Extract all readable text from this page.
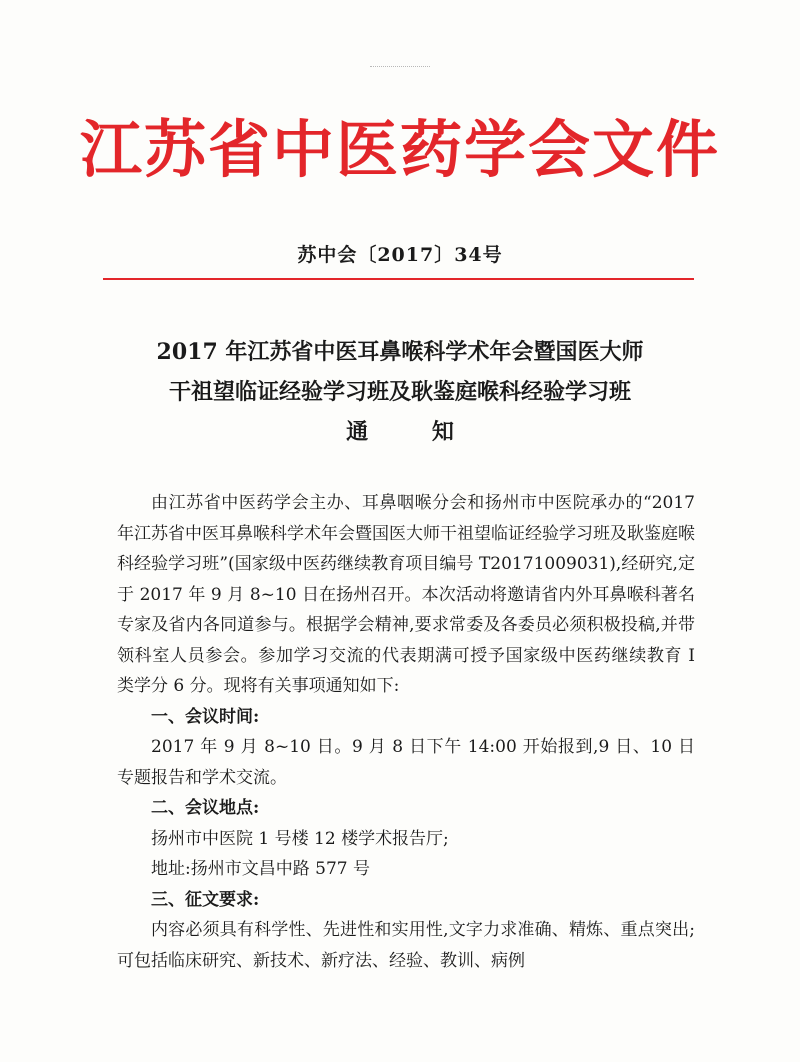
江苏省中医药学会文件
苏中会〔2017〕34号
2017 年江苏省中医耳鼻喉科学术年会暨国医大师
干祖望临证经验学习班及耿鉴庭喉科经验学习班
通 知

由江苏省中医药学会主办、耳鼻咽喉分会和扬州市中医院承办的“2017 年江苏省中医耳鼻喉科学术年会暨国医大师干祖望临证经验学习班及耿鉴庭喉科经验学习班”(国家级中医药继续教育项目编号 T20171009031),经研究,定于 2017 年 9 月 8~10 日在扬州召开。本次活动将邀请省内外耳鼻喉科著名专家及省内各同道参与。根据学会精神,要求常委及各委员必须积极投稿,并带领科室人员参会。参加学习交流的代表期满可授予国家级中医药继续教育 I 类学分 6 分。现将有关事项通知如下:

一、会议时间:

2017 年 9 月 8~10 日。9 月 8 日下午 14:00 开始报到,9 日、10 日专题报告和学术交流。

二、会议地点:

扬州市中医院 1 号楼 12 楼学术报告厅;

地址:扬州市文昌中路 577 号

三、征文要求:

内容必须具有科学性、先进性和实用性,文字力求准确、精炼、重点突出;可包括临床研究、新技术、新疗法、经验、教训、病例
